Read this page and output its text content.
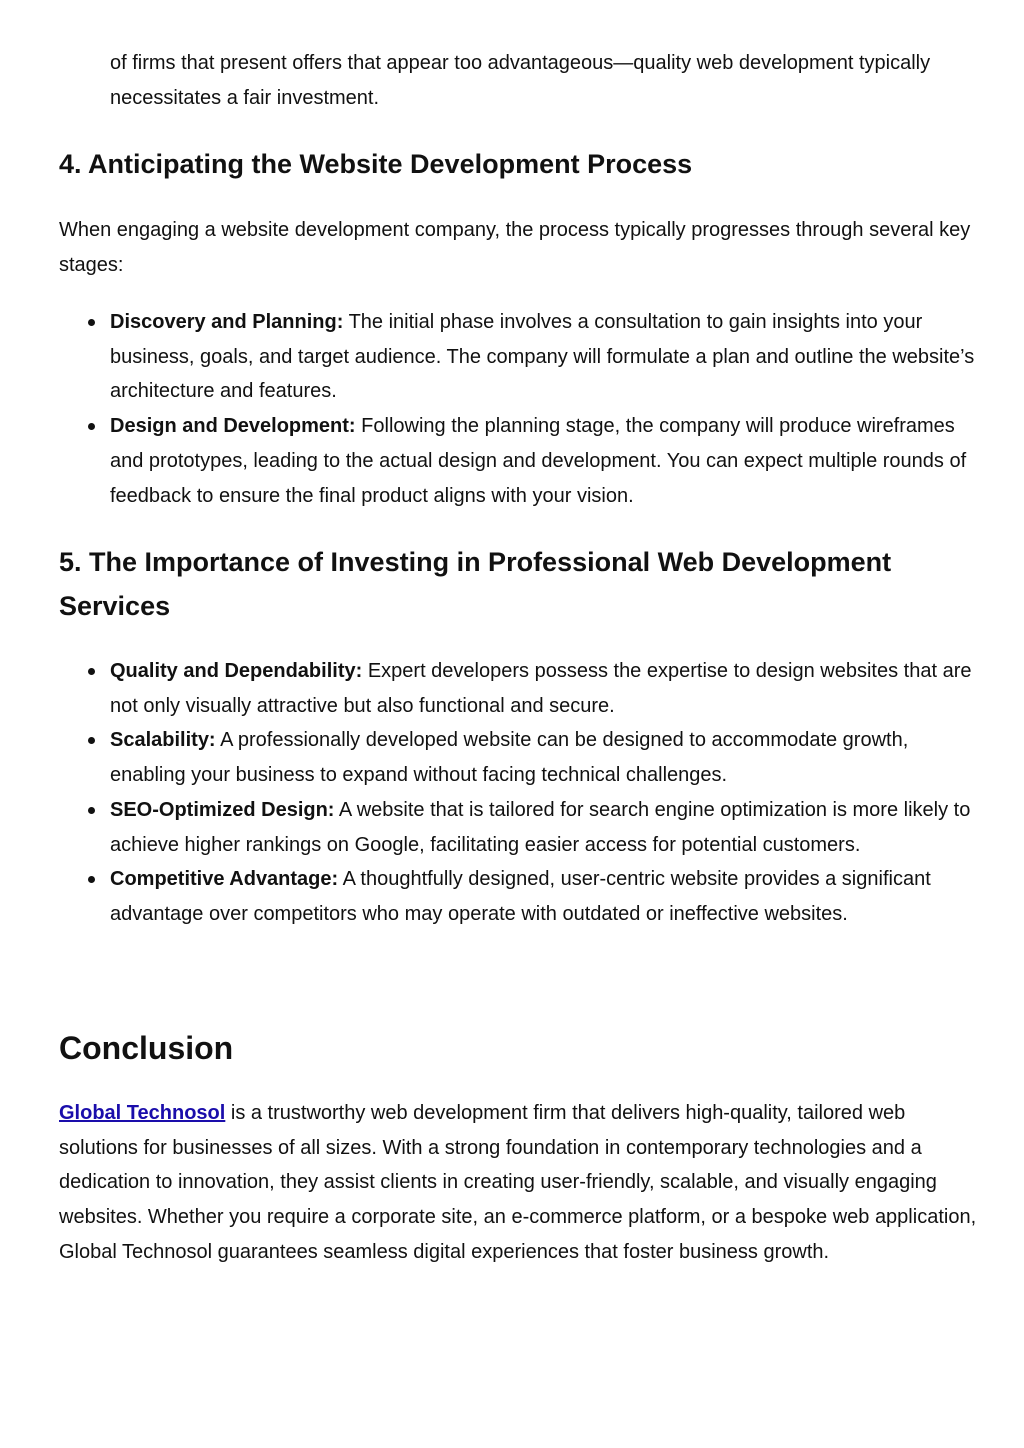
of firms that present offers that appear too advantageous—quality web development typically necessitates a fair investment.

4. Anticipating the Website Development Process

When engaging a website development company, the process typically progresses through several key stages:

Discovery and Planning: The initial phase involves a consultation to gain insights into your business, goals, and target audience. The company will formulate a plan and outline the website’s architecture and features.
Design and Development: Following the planning stage, the company will produce wireframes and prototypes, leading to the actual design and development. You can expect multiple rounds of feedback to ensure the final product aligns with your vision.
5. The Importance of Investing in Professional Web Development Services
Quality and Dependability: Expert developers possess the expertise to design websites that are not only visually attractive but also functional and secure.
Scalability: A professionally developed website can be designed to accommodate growth, enabling your business to expand without facing technical challenges.
SEO-Optimized Design: A website that is tailored for search engine optimization is more likely to achieve higher rankings on Google, facilitating easier access for potential customers.
Competitive Advantage: A thoughtfully designed, user-centric website provides a significant advantage over competitors who may operate with outdated or ineffective websites.
Conclusion

Global Technosol is a trustworthy web development firm that delivers high-quality, tailored web solutions for businesses of all sizes. With a strong foundation in contemporary technologies and a dedication to innovation, they assist clients in creating user-friendly, scalable, and visually engaging websites. Whether you require a corporate site, an e-commerce platform, or a bespoke web application, Global Technosol guarantees seamless digital experiences that foster business growth.
